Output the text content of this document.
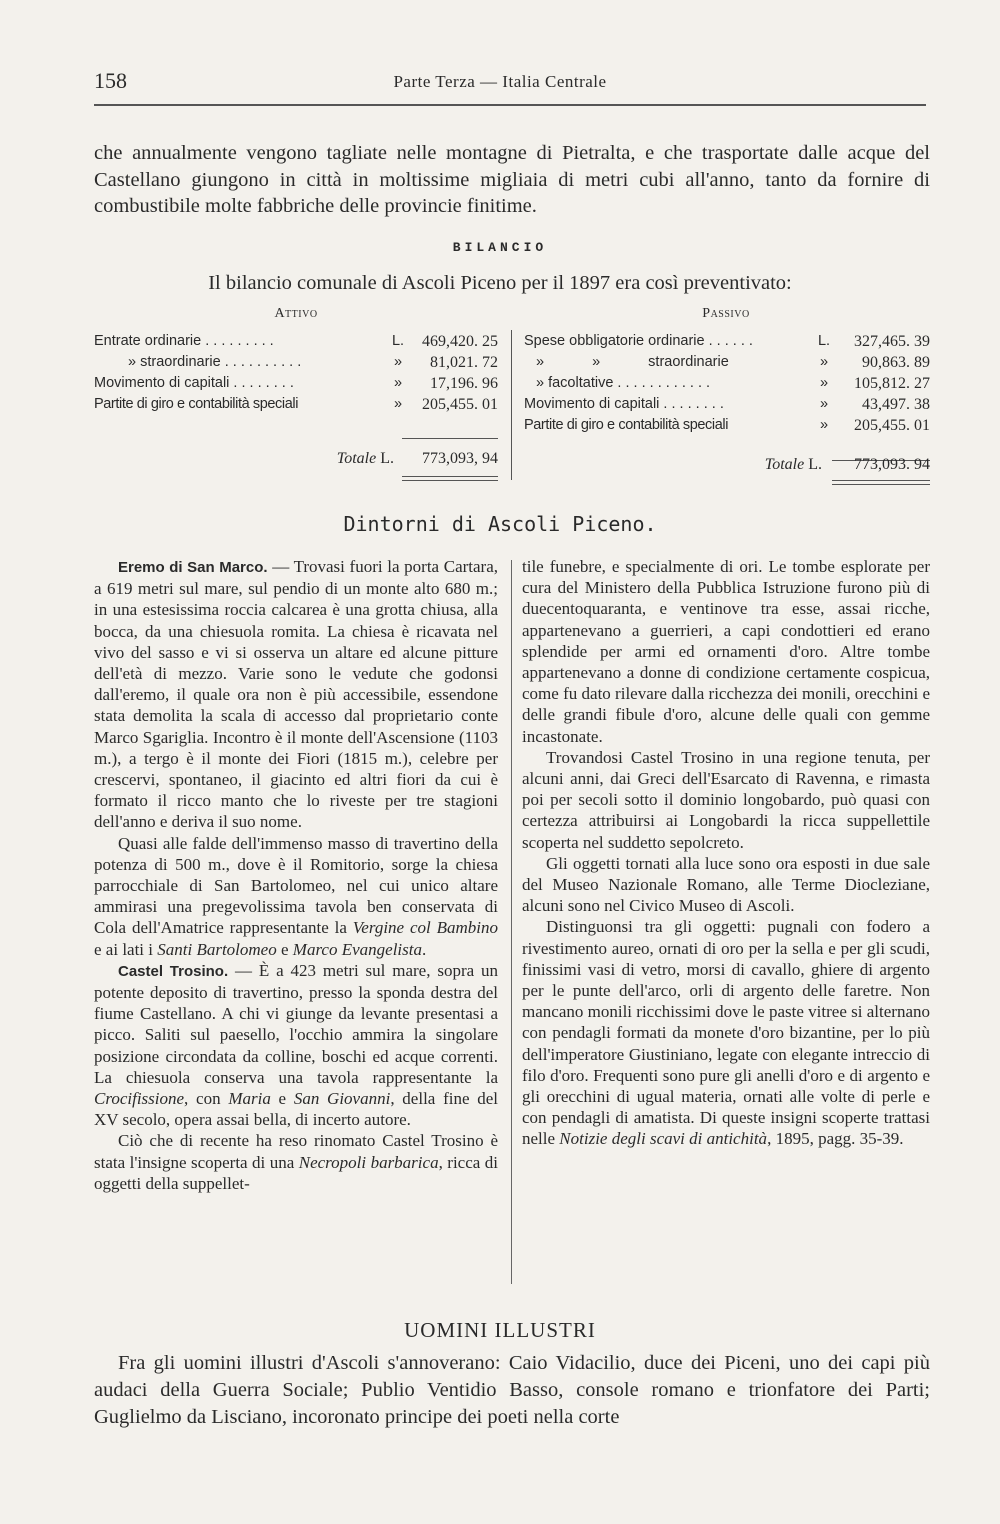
158	Parte Terza — Italia Centrale

che annualmente vengono tagliate nelle montagne di Pietralta, e che trasportate dalle acque del Castellano giungono in città in moltissime migliaia di metri cubi all'anno, tanto da fornire di combustibile molte fabbriche delle provincie finitime.

BILANCIO
Il bilancio comunale di Ascoli Piceno per il 1897 era così preventivato:
Attivo	Passivo
Entrate ordinarie . . . . . . . . .	L.	469,420. 25
» straordinarie . . . . . . . . . .	»	81,021. 72
Movimento di capitali . . . . . . . .	»	17,196. 96
Partite di giro e contabilità speciali	»	205,455. 01
Spese obbligatorie ordinarie . . . . . .	L.	327,465. 39
» » straordinarie	»	90,863. 89
» facoltative . . . . . . . . . . . .	»	105,812. 27
Movimento di capitali . . . . . . . .	»	43,497. 38
Partite di giro e contabilità speciali	»	205,455. 01
Totale L.	773,093, 94	Totale L.	773,093. 94
Dintorni di Ascoli Piceno.

Eremo di San Marco. — Trovasi fuori la porta Cartara, a 619 metri sul mare, sul pendio di un monte alto 680 m.; in una estesissima roccia calcarea è una grotta chiusa, alla bocca, da una chiesuola romita. La chiesa è ricavata nel vivo del sasso e vi si osserva un altare ed alcune pitture dell'età di mezzo. Varie sono le vedute che godonsi dall'eremo, il quale ora non è più accessibile, essendone stata demolita la scala di accesso dal proprietario conte Marco Sgariglia. Incontro è il monte dell'Ascensione (1103 m.), a tergo è il monte dei Fiori (1815 m.), celebre per crescervi, spontaneo, il giacinto ed altri fiori da cui è formato il ricco manto che lo riveste per tre stagioni dell'anno e deriva il suo nome.

Quasi alle falde dell'immenso masso di travertino della potenza di 500 m., dove è il Romitorio, sorge la chiesa parrocchiale di San Bartolomeo, nel cui unico altare ammirasi una pregevolissima tavola ben conservata di Cola dell'Amatrice rappresentante la Vergine col Bambino e ai lati i Santi Bartolomeo e Marco Evangelista.

Castel Trosino. — È a 423 metri sul mare, sopra un potente deposito di travertino, presso la sponda destra del fiume Castellano. A chi vi giunge da levante presentasi a picco. Saliti sul paesello, l'occhio ammira la singolare posizione circondata da colline, boschi ed acque correnti. La chiesuola conserva una tavola rappresentante la Crocifissione, con Maria e San Giovanni, della fine del XV secolo, opera assai bella, di incerto autore.

Ciò che di recente ha reso rinomato Castel Trosino è stata l'insigne scoperta di una Necropoli barbarica, ricca di oggetti della suppellet-

tile funebre, e specialmente di ori. Le tombe esplorate per cura del Ministero della Pubblica Istruzione furono più di duecentoquaranta, e ventinove tra esse, assai ricche, appartenevano a guerrieri, a capi condottieri ed erano splendide per armi ed ornamenti d'oro. Altre tombe appartenevano a donne di condizione certamente cospicua, come fu dato rilevare dalla ricchezza dei monili, orecchini e delle grandi fibule d'oro, alcune delle quali con gemme incastonate.

Trovandosi Castel Trosino in una regione tenuta, per alcuni anni, dai Greci dell'Esarcato di Ravenna, e rimasta poi per secoli sotto il dominio longobardo, può quasi con certezza attribuirsi ai Longobardi la ricca suppellettile scoperta nel suddetto sepolcreto.

Gli oggetti tornati alla luce sono ora esposti in due sale del Museo Nazionale Romano, alle Terme Diocleziane, alcuni sono nel Civico Museo di Ascoli.

Distinguonsi tra gli oggetti: pugnali con fodero a rivestimento aureo, ornati di oro per la sella e per gli scudi, finissimi vasi di vetro, morsi di cavallo, ghiere di argento per le punte dell'arco, orli di argento delle faretre. Non mancano monili ricchissimi dove le paste vitree si alternano con pendagli formati da monete d'oro bizantine, per lo più dell'imperatore Giustiniano, legate con elegante intreccio di filo d'oro. Frequenti sono pure gli anelli d'oro e di argento e gli orecchini di ugual materia, ornati alle volte di perle e con pendagli di amatista. Di queste insigni scoperte trattasi nelle Notizie degli scavi di antichità, 1895, pagg. 35-39.

UOMINI ILLUSTRI

Fra gli uomini illustri d'Ascoli s'annoverano: Caio Vidacilio, duce dei Piceni, uno dei capi più audaci della Guerra Sociale; Publio Ventidio Basso, console romano e trionfatore dei Parti; Guglielmo da Lisciano, incoronato principe dei poeti nella corte
